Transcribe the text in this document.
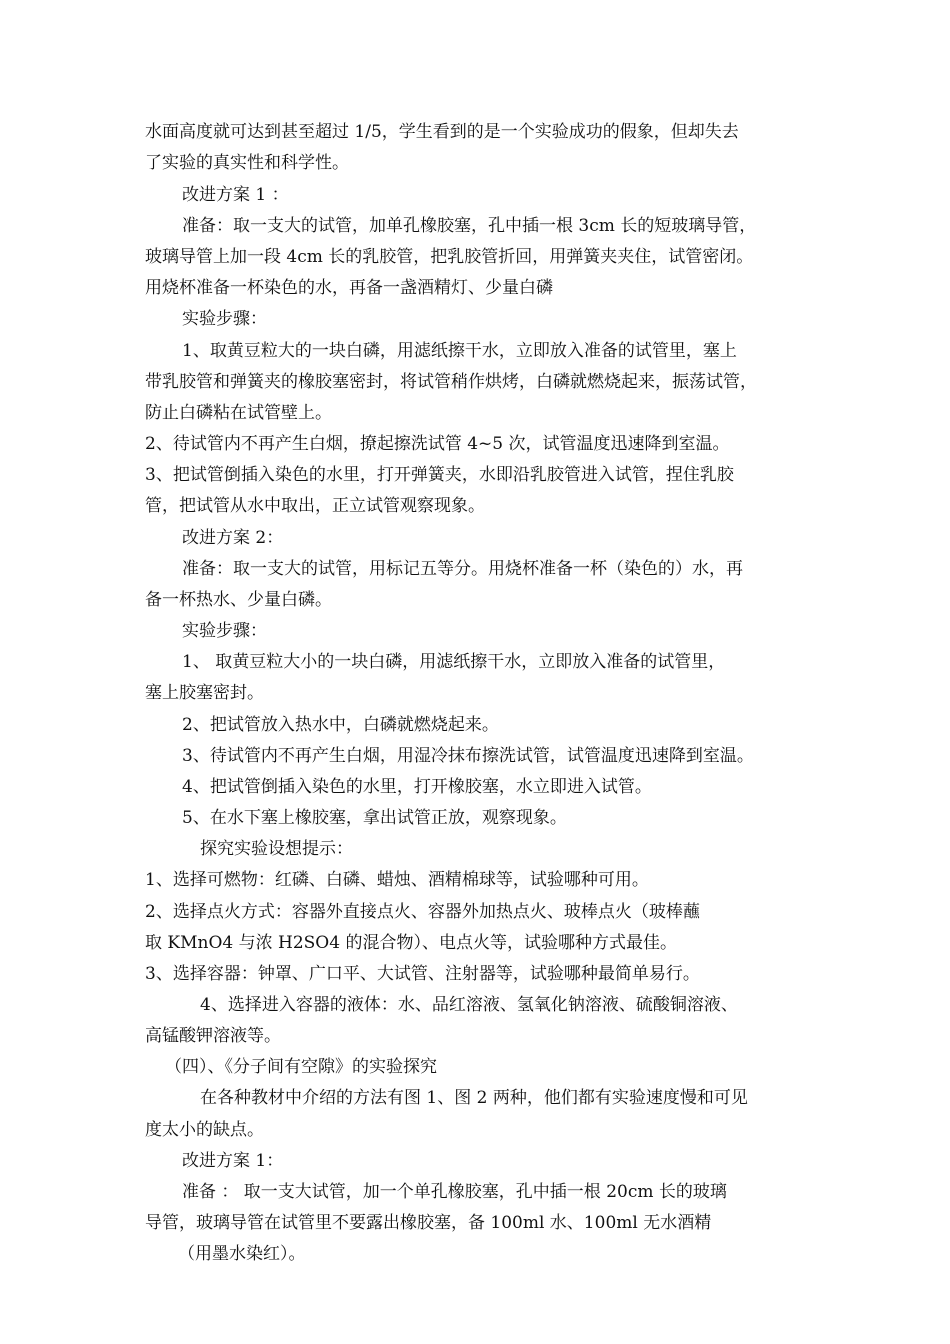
水面高度就可达到甚至超过 1/5，学生看到的是一个实验成功的假象，但却失去
了实验的真实性和科学性。
改进方案 1 ：
准备：取一支大的试管，加单孔橡胶塞，孔中插一根 3cm 长的短玻璃导管，
玻璃导管上加一段 4cm 长的乳胶管，把乳胶管折回，用弹簧夹夹住，试管密闭。
用烧杯准备一杯染色的水，再备一盏酒精灯、少量白磷
实验步骤：
1、取黄豆粒大的一块白磷，用滤纸擦干水，立即放入准备的试管里，塞上
带乳胶管和弹簧夹的橡胶塞密封，将试管稍作烘烤，白磷就燃烧起来，振荡试管，
防止白磷粘在试管壁上。
2、待试管内不再产生白烟，撩起擦洗试管 4~5 次，试管温度迅速降到室温。
3、把试管倒插入染色的水里，打开弹簧夹，水即沿乳胶管进入试管，捏住乳胶
管，把试管从水中取出，正立试管观察现象。
改进方案 2：
准备：取一支大的试管，用标记五等分。用烧杯准备一杯（染色的）水，再
备一杯热水、少量白磷。
实验步骤：
1、 取黄豆粒大小的一块白磷，用滤纸擦干水，立即放入准备的试管里，
塞上胶塞密封。
2、把试管放入热水中，白磷就燃烧起来。
3、待试管内不再产生白烟，用湿冷抹布擦洗试管，试管温度迅速降到室温。
4、把试管倒插入染色的水里，打开橡胶塞，水立即进入试管。
5、在水下塞上橡胶塞，拿出试管正放，观察现象。
探究实验设想提示：
1、选择可燃物：红磷、白磷、蜡烛、酒精棉球等，试验哪种可用。
2、选择点火方式：容器外直接点火、容器外加热点火、玻棒点火（玻棒蘸
取 KMnO4 与浓 H2SO4 的混合物）、电点火等，试验哪种方式最佳。
3、选择容器：钟罩、广口平、大试管、注射器等，试验哪种最简单易行。
4、选择进入容器的液体：水、品红溶液、氢氧化钠溶液、硫酸铜溶液、
高锰酸钾溶液等。
（四）、《分子间有空隙》的实验探究
在各种教材中介绍的方法有图 1、图 2 两种，他们都有实验速度慢和可见
度太小的缺点。
改进方案 1：
准备 ： 取一支大试管，加一个单孔橡胶塞，孔中插一根 20cm 长的玻璃
导管，玻璃导管在试管里不要露出橡胶塞，备 100ml 水、100ml 无水酒精
（用墨水染红）。
